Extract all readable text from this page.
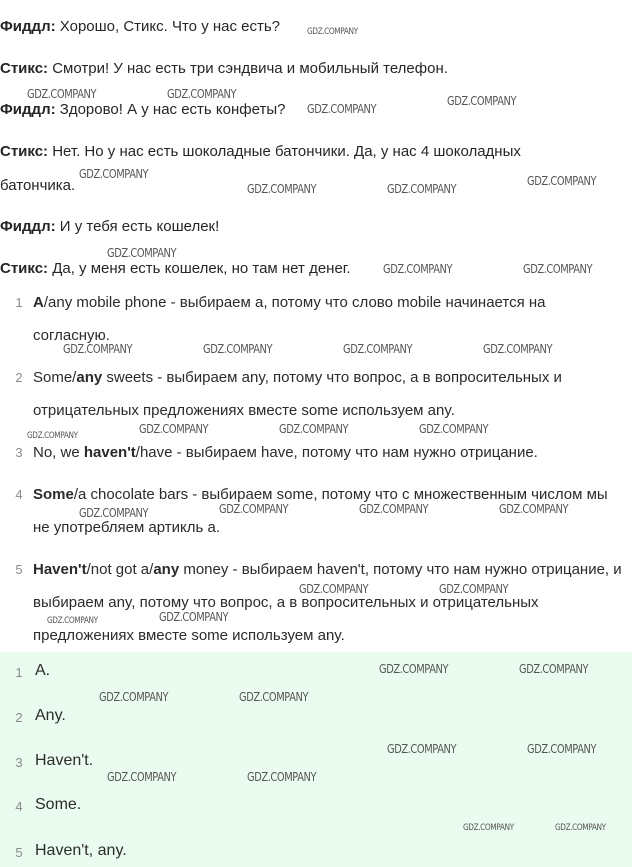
Фиддл: Хорошо, Стикс. Что у нас есть?
Стикс: Смотри! У нас есть три сэндвича и мобильный телефон.
Фиддл: Здорово! А у нас есть конфеты?
Стикс: Нет. Но у нас есть шоколадные батончики. Да, у нас 4 шоколадных
батончика.
Фиддл: И у тебя есть кошелек!
Стикс: Да, у меня есть кошелек, но там нет денег.
1 A/any mobile phone - выбираем a, потому что слово mobile начинается на согласную.
2 Some/any sweets - выбираем any, потому что вопрос, а в вопросительных и отрицательных предложениях вместе some используем any.
3 No, we haven't/have - выбираем have, потому что нам нужно отрицание.
4 Some/a chocolate bars - выбираем some, потому что с множественным числом мы не употребляем артикль a.
5 Haven't/not got a/any money - выбираем haven't, потому что нам нужно отрицание, и выбираем any, потому что вопрос, а в вопросительных и отрицательных предложениях вместе some используем any.
1 A.
2 Any.
3 Haven't.
4 Some.
5 Haven't, any.
GDZ.COMPANY
GDZ.COMPANY	GDZ.COMPANY
GDZ.COMPANY
GDZ.COMPANY
GDZ.COMPANY
GDZ.COMPANY	GDZ.COMPANY
GDZ.COMPANY
GDZ.COMPANY
GDZ.COMPANY	GDZ.COMPANY
GDZ.COMPANY	GDZ.COMPANY	GDZ.COMPANY	GDZ.COMPANY
GDZ.COMPANY	GDZ.COMPANY	GDZ.COMPANY	GDZ.COMPANY
GDZ.COMPANY	GDZ.COMPANY	GDZ.COMPANY	GDZ.COMPANY
GDZ.COMPANY	GDZ.COMPANY
GDZ.COMPANY	GDZ.COMPANY
GDZ.COMPANY	GDZ.COMPANY
GDZ.COMPANY	GDZ.COMPANY
GDZ.COMPANY	GDZ.COMPANY
GDZ.COMPANY	GDZ.COMPANY
GDZ.COMPANY	GDZ.COMPANY
